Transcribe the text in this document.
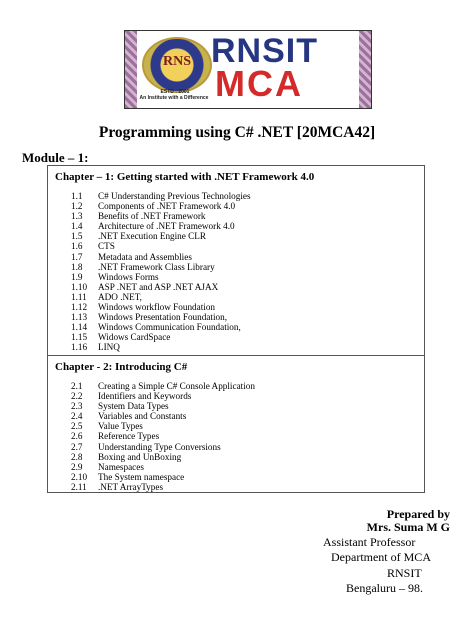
RNS
ESTD : 2001
An Institute with a Difference
RNSIT
MCA
Programming using C# .NET [20MCA42]
Module – 1:
Chapter – 1: Getting started with .NET Framework 4.0
1.1	C# Understanding Previous Technologies
1.2	Components of .NET Framework 4.0
1.3	Benefits of .NET Framework
1.4	Architecture of .NET Framework 4.0
1.5	.NET Execution Engine CLR
1.6	CTS
1.7	Metadata and Assemblies
1.8	.NET Framework Class Library
1.9	Windows Forms
1.10	ASP .NET and ASP .NET AJAX
1.11	ADO .NET,
1.12	Windows workflow Foundation
1.13	Windows Presentation Foundation,
1.14	Windows Communication Foundation,
1.15	Widows CardSpace
1.16	LINQ
Chapter - 2: Introducing C#
2.1	Creating a Simple C# Console Application
2.2	Identifiers and Keywords
2.3	System Data Types
2.4	Variables and Constants
2.5	Value Types
2.6	Reference Types
2.7	Understanding Type Conversions
2.8	Boxing and UnBoxing
2.9	Namespaces
2.10	The System namespace
2.11	.NET ArrayTypes
Prepared by
Mrs. Suma M G
Assistant Professor
Department of MCA
RNSIT
Bengaluru – 98.
